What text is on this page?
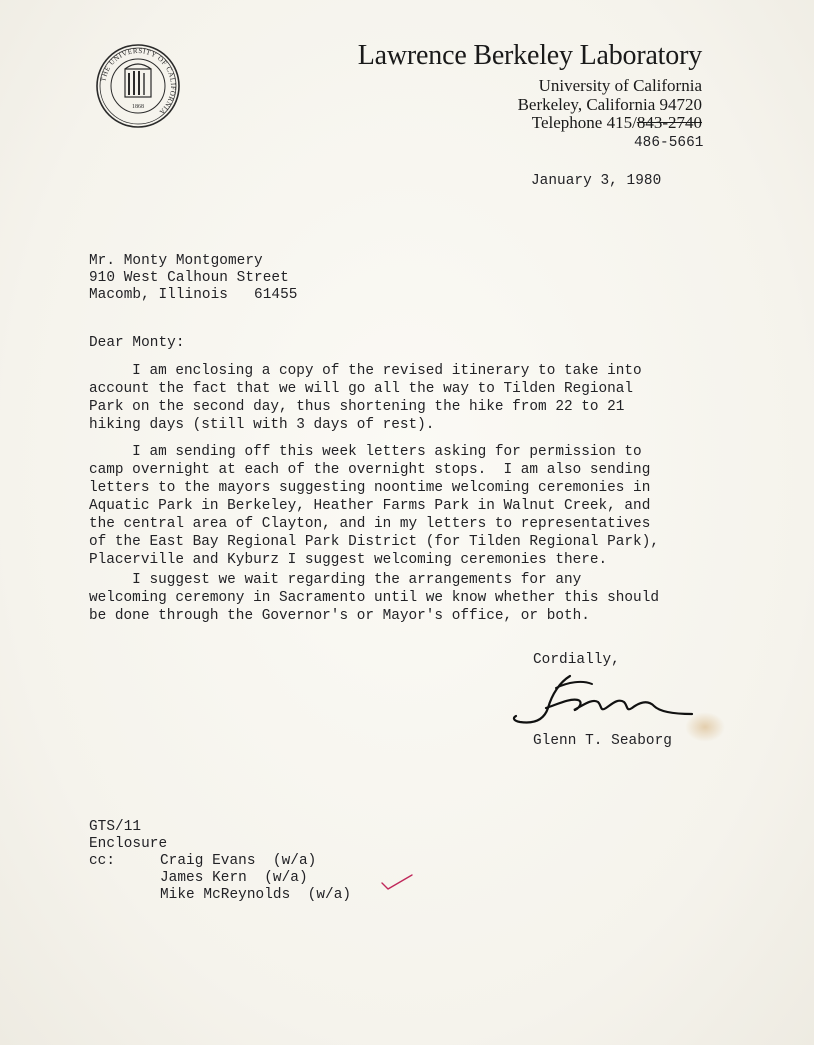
THE UNIVERSITY OF CALIFORNIA
1868
Lawrence Berkeley Laboratory
University of California
Berkeley, California 94720
Telephone 415/843-2740
486-5661
January 3, 1980
Mr. Monty Montgomery
910 West Calhoun Street
Macomb, Illinois   61455
Dear Monty:
I am enclosing a copy of the revised itinerary to take into
account the fact that we will go all the way to Tilden Regional
Park on the second day, thus shortening the hike from 22 to 21
hiking days (still with 3 days of rest).
I am sending off this week letters asking for permission to
camp overnight at each of the overnight stops.  I am also sending
letters to the mayors suggesting noontime welcoming ceremonies in
Aquatic Park in Berkeley, Heather Farms Park in Walnut Creek, and
the central area of Clayton, and in my letters to representatives
of the East Bay Regional Park District (for Tilden Regional Park),
Placerville and Kyburz I suggest welcoming ceremonies there.
I suggest we wait regarding the arrangements for any
welcoming ceremony in Sacramento until we know whether this should
be done through the Governor's or Mayor's office, or both.
Cordially,
Glenn T. Seaborg
GTS/11
Enclosure
cc:	Craig Evans  (w/a)
James Kern  (w/a)
Mike McReynolds  (w/a)
